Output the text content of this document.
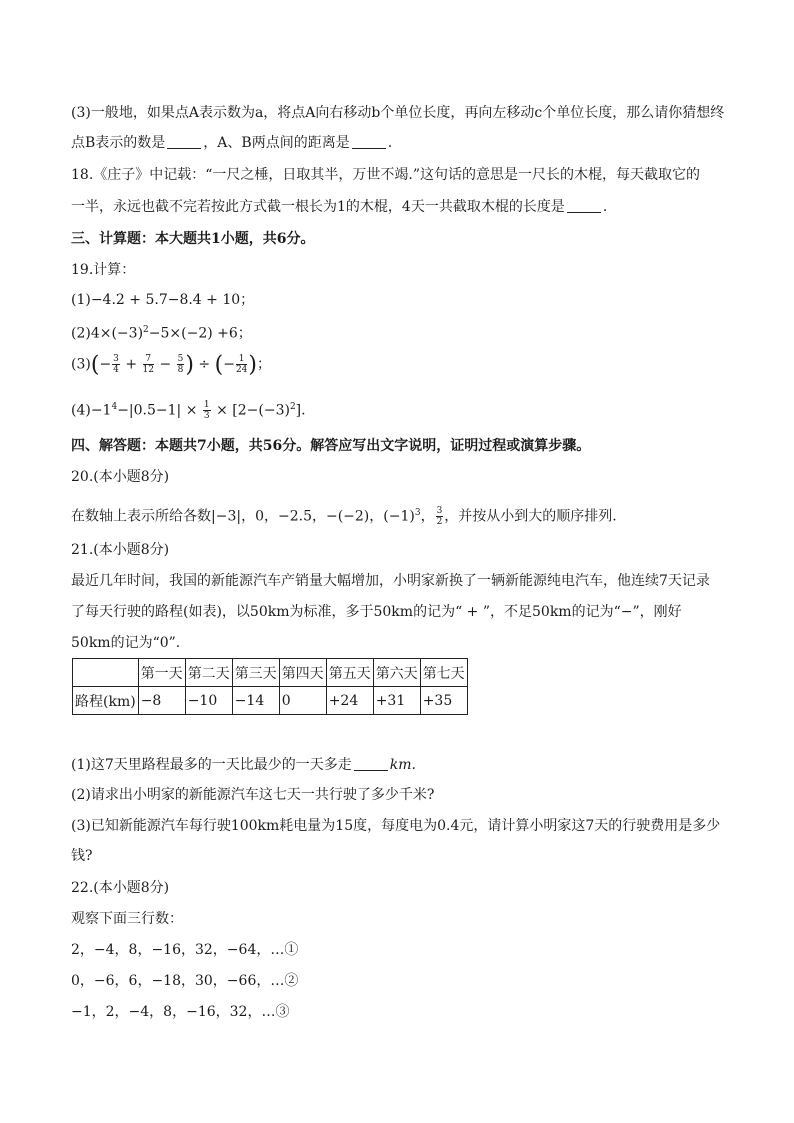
(3)一般地，如果点A表示数为a，将点A向右移动b个单位长度，再向左移动c个单位长度，那么请你猜想终
点B表示的数是	，A、B两点间的距离是	.
18.《庄子》中记载：“一尺之棰，日取其半，万世不竭.”这句话的意思是一尺长的木棍，每天截取它的
一半，永远也截不完若按此方式截一根长为1的木棍，4天一共截取木棍的长度是	.
三、计算题：本大题共1小题，共6分。
19.计算：
(1)−4.2 + 5.7−8.4 + 10；
$(2)4\times(-3)^2-5\times(-2) +6$；
$(3)(- \frac{3}{4} + \frac{7}{12} - \frac{5}{8}$ ) ÷ (− $\frac{1}{24}$ )；
$(4)-1^4-|0.5-1| \times \frac{1}{3} \times [2-(-3)^2]$.
四、解答题：本题共7小题，共56分。解答应写出文字说明，证明过程或演算步骤。
20.(本小题8分)
在数轴上表示所给各数|−3|，0，−2.5，−(−2)，$(-1)^3$， $\frac{3}{2}$ ，并按从小到大的顺序排列.
21.(本小题8分)
最近几年时间，我国的新能源汽车产销量大幅增加，小明家新换了一辆新能源纯电汽车，他连续7天记录
了每天行驶的路程(如表)，以50km为标准，多于50km的记为“ + ”，不足50km的记为“−”，刚好
50km的记为“0”.
	第一天	第二天	第三天	第四天	第五天	第六天	第七天
路程(km)	−8	−10	−14	0	+24	+31	+35
(1)这7天里路程最多的一天比最少的一天多走	km.
(2)请求出小明家的新能源汽车这七天一共行驶了多少千米?
(3)已知新能源汽车每行驶100km耗电量为15度，每度电为0.4元，请计算小明家这7天的行驶费用是多少
钱?
22.(本小题8分)
观察下面三行数：
2，−4，8，−16，32，−64，…①
0，−6，6，−18，30，−66，…②
−1，2，−4，8，−16，32，…③
